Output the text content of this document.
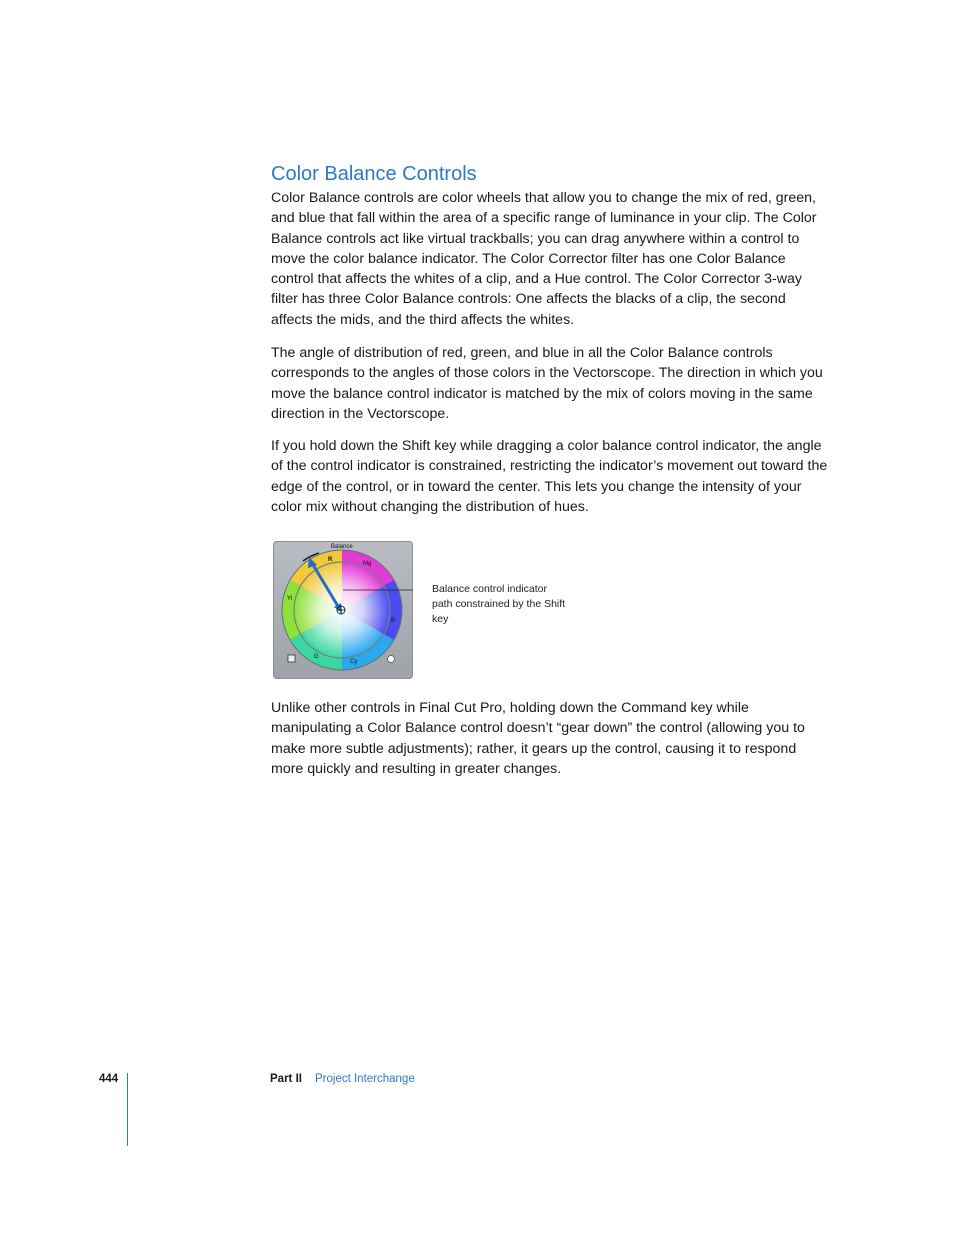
Color Balance Controls

Color Balance controls are color wheels that allow you to change the mix of red, green, and blue that fall within the area of a specific range of luminance in your clip. The Color Balance controls act like virtual trackballs; you can drag anywhere within a control to move the color balance indicator. The Color Corrector filter has one Color Balance control that affects the whites of a clip, and a Hue control. The Color Corrector 3-way filter has three Color Balance controls: One affects the blacks of a clip, the second affects the mids, and the third affects the whites.

The angle of distribution of red, green, and blue in all the Color Balance controls corresponds to the angles of those colors in the Vectorscope. The direction in which you move the balance control indicator is matched by the mix of colors moving in the same direction in the Vectorscope.

If you hold down the Shift key while dragging a color balance control indicator, the angle of the control indicator is constrained, restricting the indicator’s movement out toward the edge of the control, or in toward the center. This lets you change the intensity of your color mix without changing the distribution of hues.

Balance
R
Mg
Yl
B
G
Cy

Balance control indicator path constrained by the Shift key

Unlike other controls in Final Cut Pro, holding down the Command key while manipulating a Color Balance control doesn’t “gear down” the control (allowing you to make more subtle adjustments); rather, it gears up the control, causing it to respond more quickly and resulting in greater changes.

444	Part II Project Interchange
